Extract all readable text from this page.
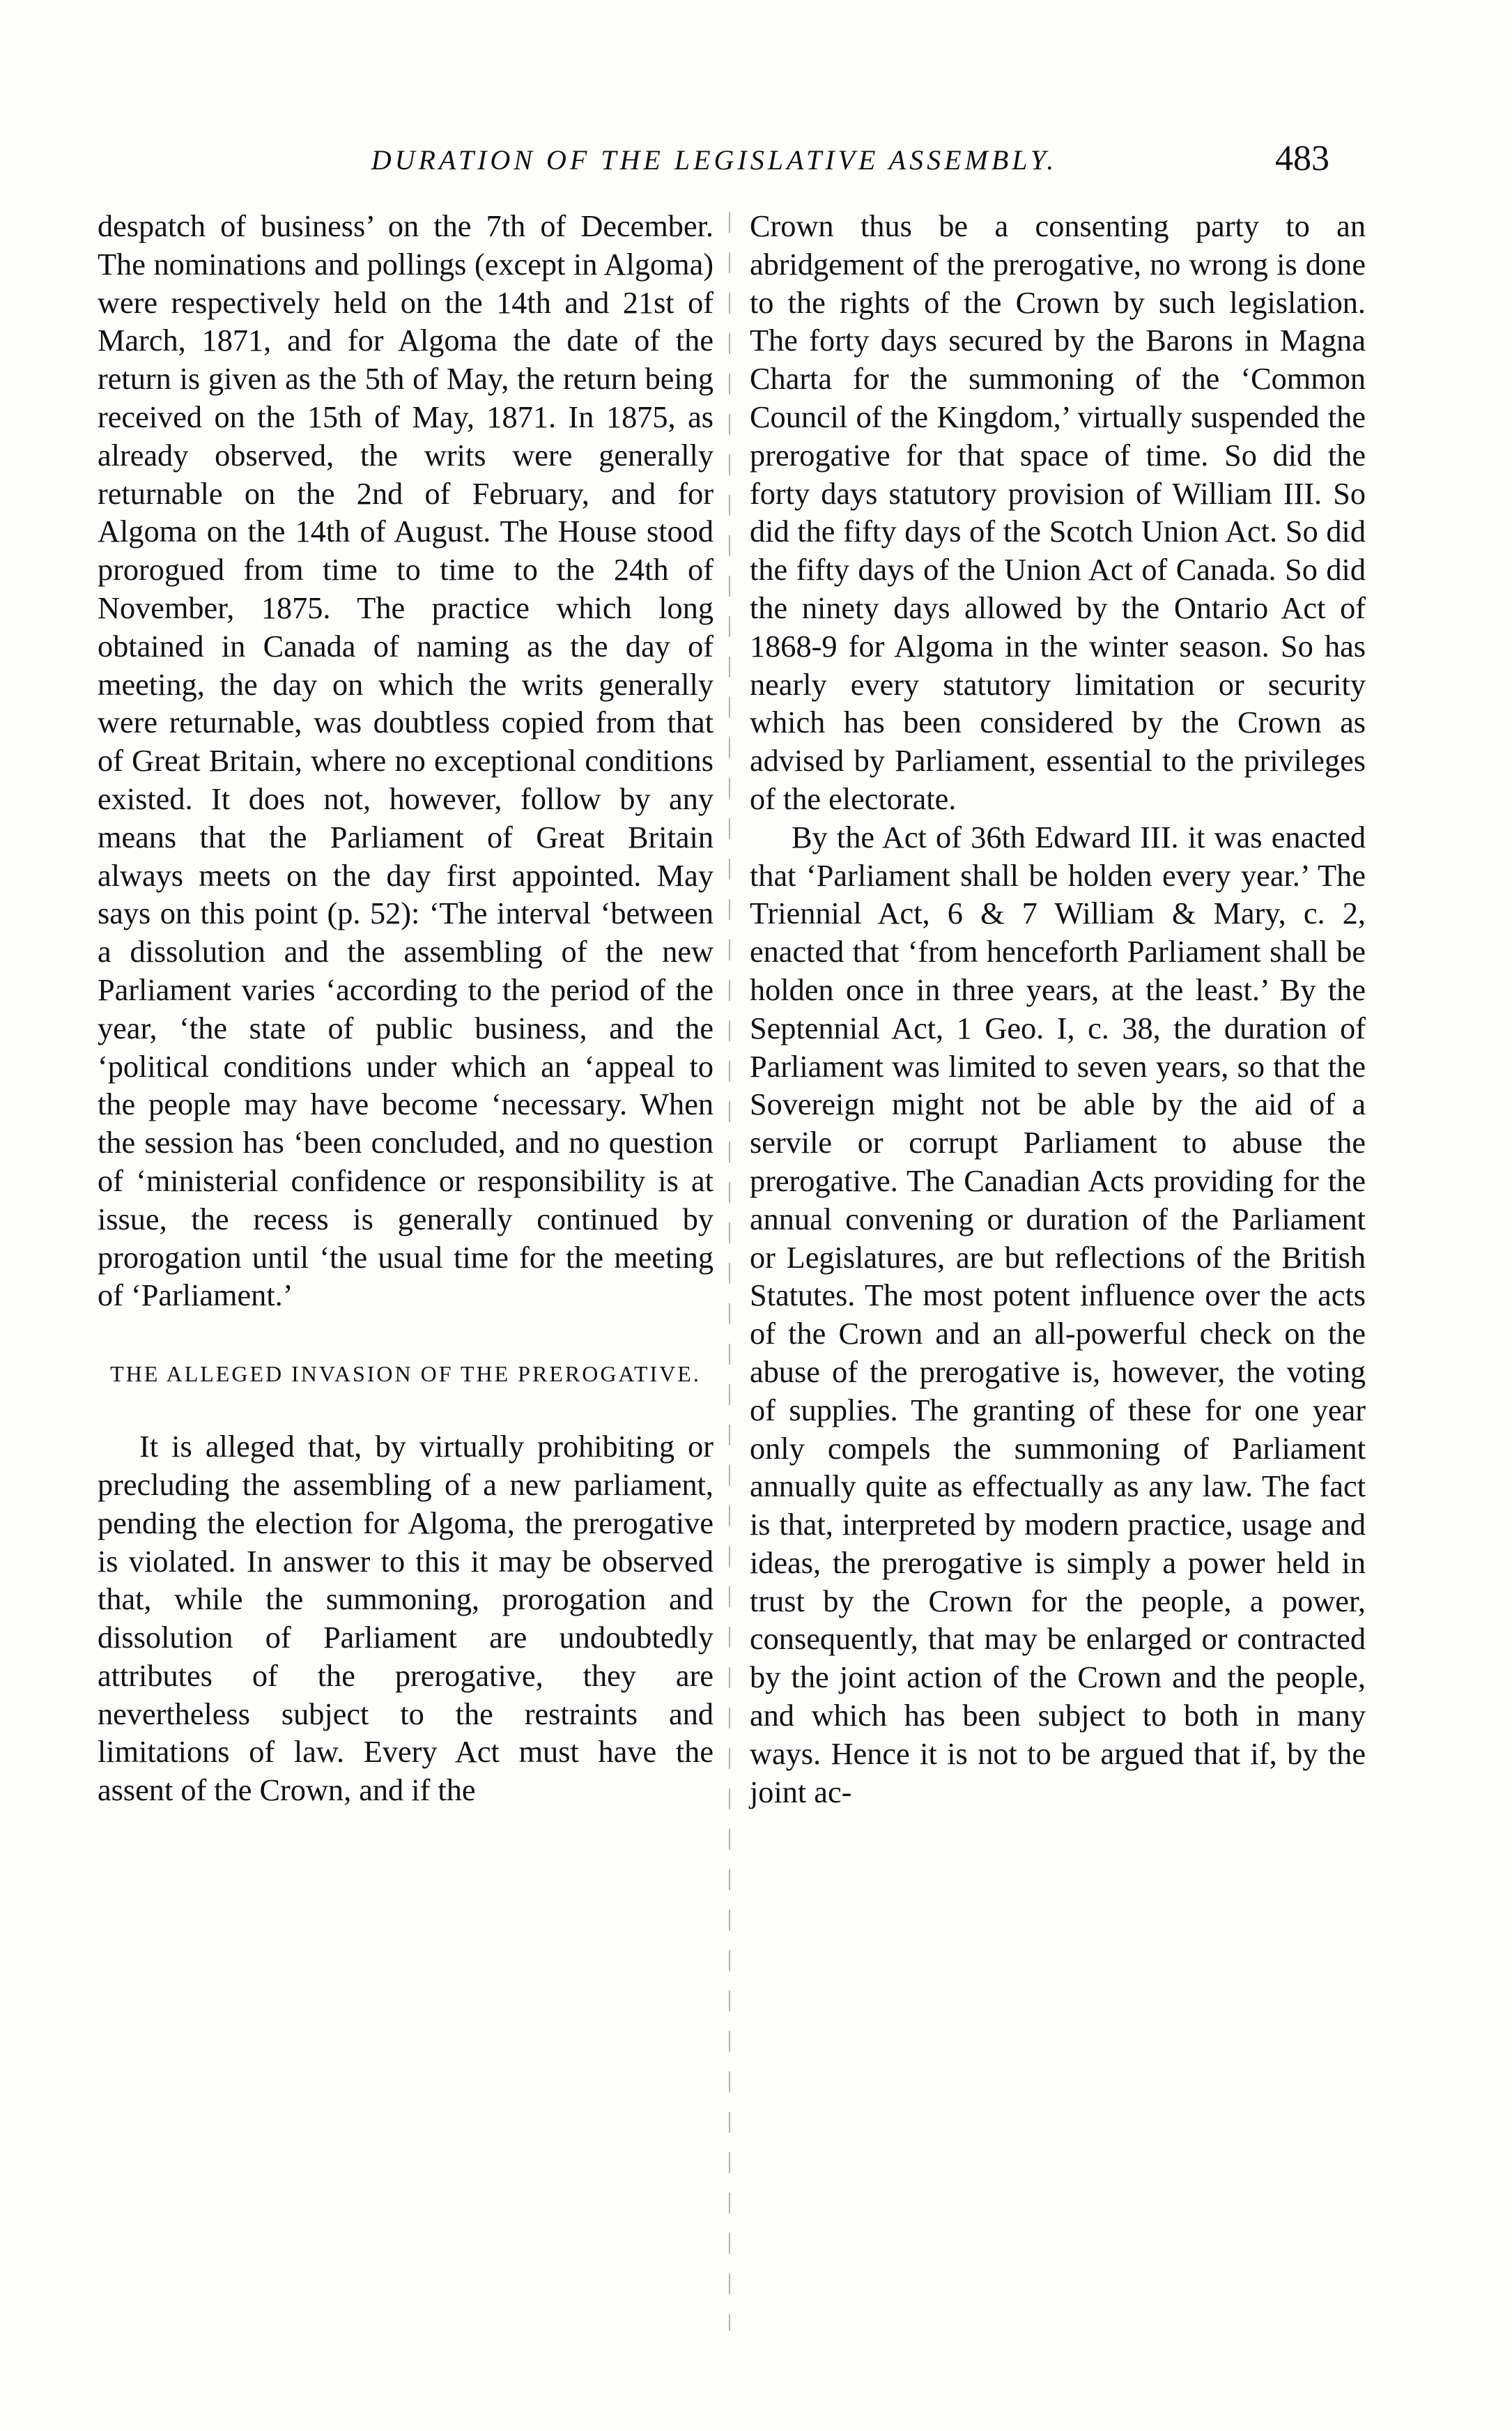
DURATION OF THE LEGISLATIVE ASSEMBLY.	483

despatch of business’ on the 7th of December. The nominations and pollings (except in Algoma) were respectively held on the 14th and 21st of March, 1871, and for Algoma the date of the return is given as the 5th of May, the return being received on the 15th of May, 1871. In 1875, as already observed, the writs were generally returnable on the 2nd of February, and for Algoma on the 14th of August. The House stood prorogued from time to time to the 24th of November, 1875. The practice which long obtained in Canada of naming as the day of meeting, the day on which the writs generally were returnable, was doubtless copied from that of Great Britain, where no exceptional conditions existed. It does not, however, follow by any means that the Parliament of Great Britain always meets on the day first appointed. May says on this point (p. 52): ‘The interval ‘between a dissolution and the assembling of the new Parliament varies ‘according to the period of the year, ‘the state of public business, and the ‘political conditions under which an ‘appeal to the people may have become ‘necessary. When the session has ‘been concluded, and no question of ‘ministerial confidence or responsibility is at issue, the recess is generally continued by prorogation until ‘the usual time for the meeting of ‘Parliament.’

THE ALLEGED INVASION OF THE PREROGATIVE.

It is alleged that, by virtually prohibiting or precluding the assembling of a new parliament, pending the election for Algoma, the prerogative is violated. In answer to this it may be observed that, while the summoning, prorogation and dissolution of Parliament are undoubtedly attributes of the prerogative, they are nevertheless subject to the restraints and limitations of law. Every Act must have the assent of the Crown, and if the

Crown thus be a consenting party to an abridgement of the prerogative, no wrong is done to the rights of the Crown by such legislation. The forty days secured by the Barons in Magna Charta for the summoning of the ‘Common Council of the Kingdom,’ virtually suspended the prerogative for that space of time. So did the forty days statutory provision of William III. So did the fifty days of the Scotch Union Act. So did the fifty days of the Union Act of Canada. So did the ninety days allowed by the Ontario Act of 1868-9 for Algoma in the winter season. So has nearly every statutory limitation or security which has been considered by the Crown as advised by Parliament, essential to the privileges of the electorate.

By the Act of 36th Edward III. it was enacted that ‘Parliament shall be holden every year.’ The Triennial Act, 6 & 7 William & Mary, c. 2, enacted that ‘from henceforth Parliament shall be holden once in three years, at the least.’ By the Septennial Act, 1 Geo. I, c. 38, the duration of Parliament was limited to seven years, so that the Sovereign might not be able by the aid of a servile or corrupt Parliament to abuse the prerogative. The Canadian Acts providing for the annual convening or duration of the Parliament or Legislatures, are but reflections of the British Statutes. The most potent influence over the acts of the Crown and an all-powerful check on the abuse of the prerogative is, however, the voting of supplies. The granting of these for one year only compels the summoning of Parliament annually quite as effectually as any law. The fact is that, interpreted by modern practice, usage and ideas, the prerogative is simply a power held in trust by the Crown for the people, a power, consequently, that may be enlarged or contracted by the joint action of the Crown and the people, and which has been subject to both in many ways. Hence it is not to be argued that if, by the joint ac-
